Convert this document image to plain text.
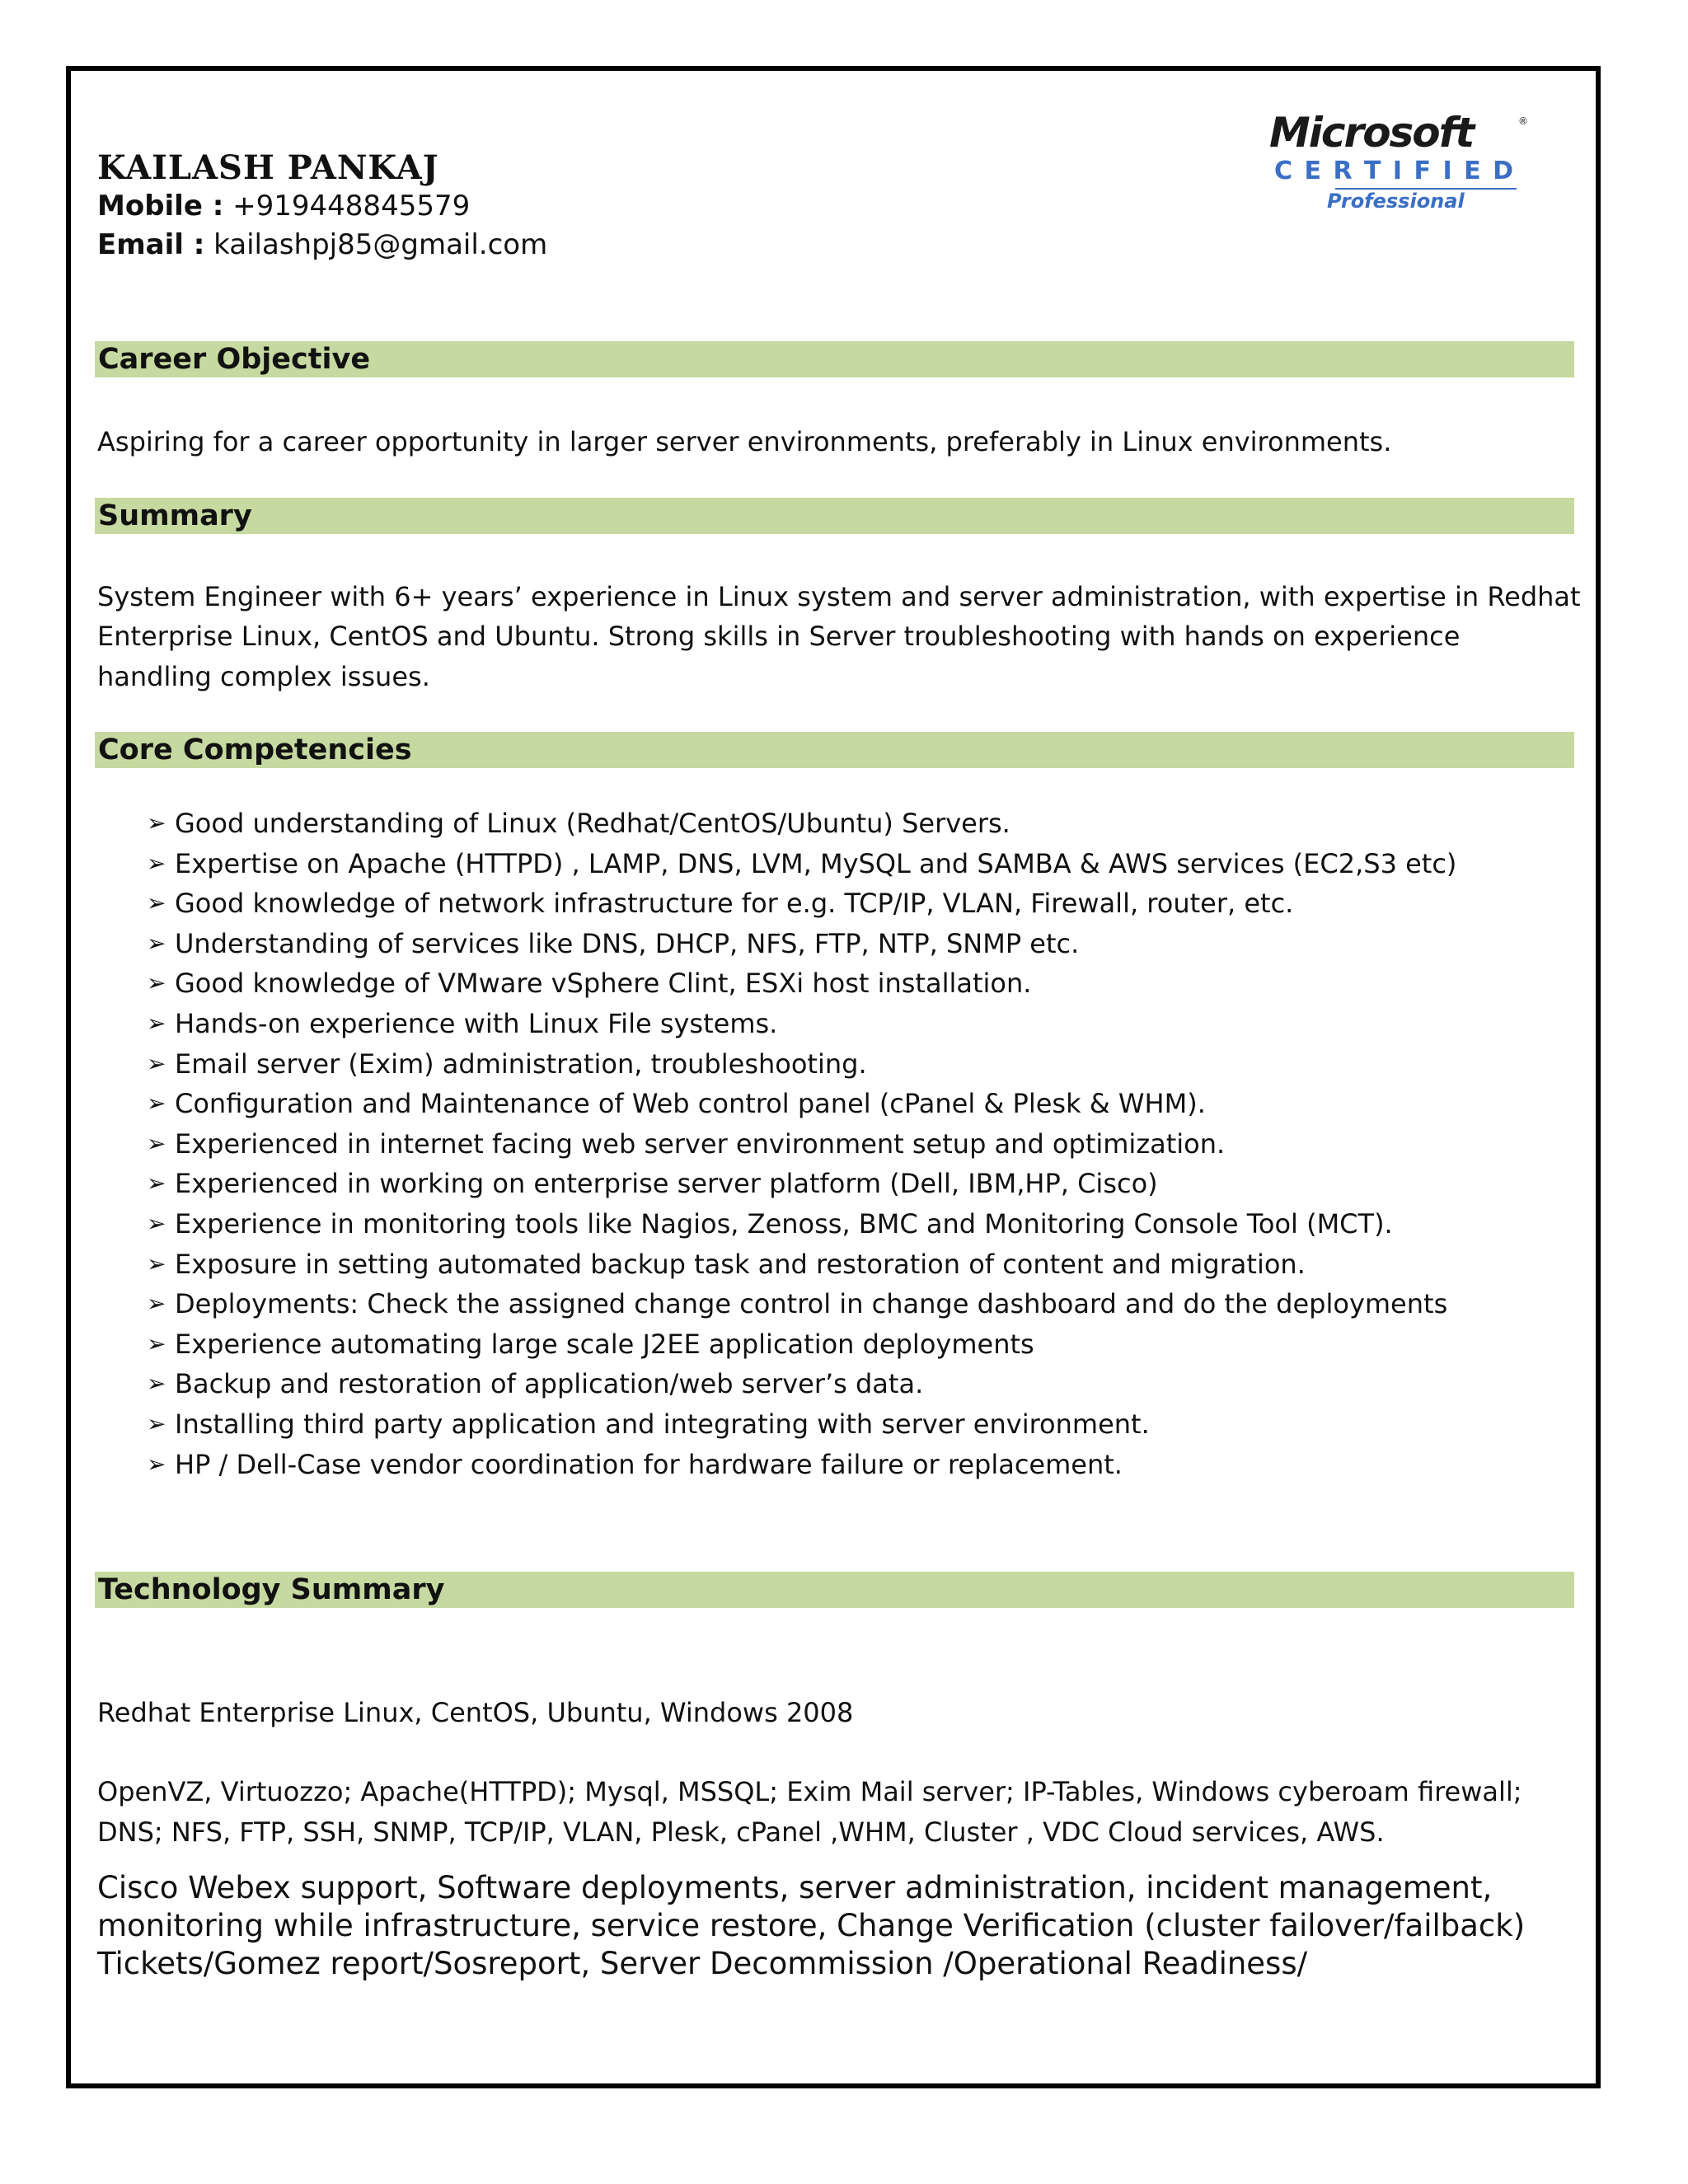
KAILASH PANKAJ
Mobile : +919448845579
Email : kailashpj85@gmail.com
Microsoft	®
C E R T I F I E D
Professional
Career Objective
Aspiring for a career opportunity in larger server environments, preferably in Linux environments.
Summary
System Engineer with 6+ years’ experience in Linux system and server administration, with expertise in Redhat
Enterprise Linux, CentOS and Ubuntu. Strong skills in Server troubleshooting with hands on experience
handling complex issues.
Core Competencies
➢ Good understanding of Linux (Redhat/CentOS/Ubuntu) Servers.
➢ Expertise on Apache (HTTPD) , LAMP, DNS, LVM, MySQL and SAMBA & AWS services (EC2,S3 etc)
➢ Good knowledge of network infrastructure for e.g. TCP/IP, VLAN, Firewall, router, etc.
➢ Understanding of services like DNS, DHCP, NFS, FTP, NTP, SNMP etc.
➢ Good knowledge of VMware vSphere Clint, ESXi host installation.
➢ Hands-on experience with Linux File systems.
➢ Email server (Exim) administration, troubleshooting.
➢ Configuration and Maintenance of Web control panel (cPanel & Plesk & WHM).
➢ Experienced in internet facing web server environment setup and optimization.
➢ Experienced in working on enterprise server platform (Dell, IBM,HP, Cisco)
➢ Experience in monitoring tools like Nagios, Zenoss, BMC and Monitoring Console Tool (MCT).
➢ Exposure in setting automated backup task and restoration of content and migration.
➢ Deployments: Check the assigned change control in change dashboard and do the deployments
➢ Experience automating large scale J2EE application deployments
➢ Backup and restoration of application/web server’s data.
➢ Installing third party application and integrating with server environment.
➢ HP / Dell-Case vendor coordination for hardware failure or replacement.
Technology Summary
Redhat Enterprise Linux, CentOS, Ubuntu, Windows 2008
OpenVZ, Virtuozzo; Apache(HTTPD); Mysql, MSSQL; Exim Mail server; IP-Tables, Windows cyberoam firewall;
DNS; NFS, FTP, SSH, SNMP, TCP/IP, VLAN, Plesk, cPanel ,WHM, Cluster , VDC Cloud services, AWS.
Cisco Webex support, Software deployments, server administration, incident management,
monitoring while infrastructure, service restore, Change Verification (cluster failover/failback)
Tickets/Gomez report/Sosreport, Server Decommission /Operational Readiness/
